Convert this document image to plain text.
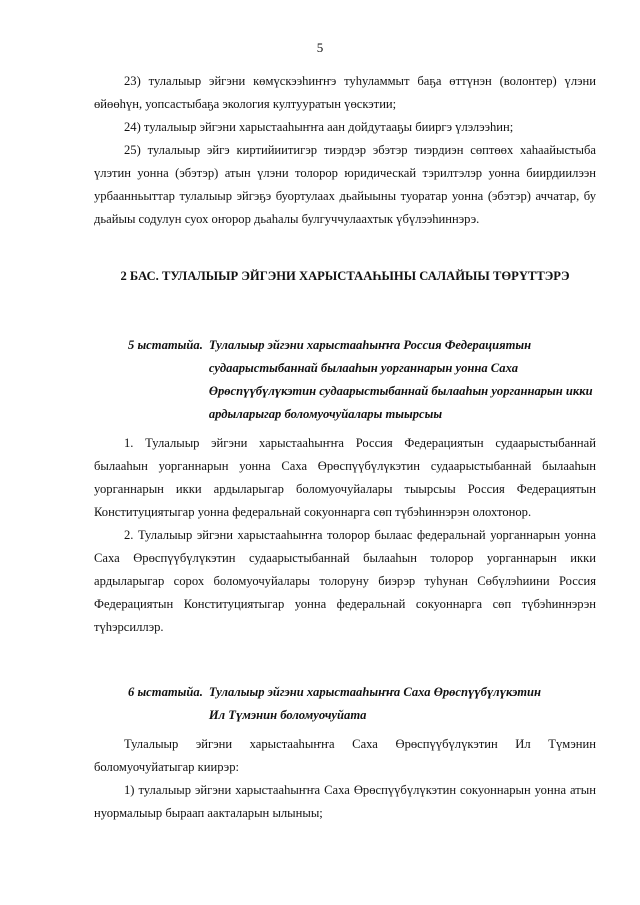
5

23) тулалыыр эйгэни көмүскээһиҥҥэ туһуламмыт баҕа өттүнэн (волонтер) үлэни өйөөһүн, уопсастыбаҕа экология култууратын үөскэтии;

24) тулалыыр эйгэни харыстааһыҥҥа аан дойдутааҕы бииргэ үлэлээһин;

25) тулалыыр эйгэ киртийиитигэр тиэрдэр эбэтэр тиэрдиэн сөптөөх хаһаайыстыба үлэтин уонна (эбэтэр) атын үлэни толорор юридическай тэрилтэлэр уонна биирдиилээн урбаанньыттар тулалыыр эйгэҕэ буортулаах дьайыыны туоратар уонна (эбэтэр) аччатар, бу дьайыы содулун суох оҥорор дьаһалы булгуччулаахтык үбүлээһиннэрэ.

2 БАС. ТУЛАЛЫЫР ЭЙГЭНИ ХАРЫСТААҺЫНЫ САЛАЙЫЫ ТӨРҮТТЭРЭ

5 ыстатыйа. Тулалыыр эйгэни харыстааһыҥҥа Россия Федерациятын
судаарыстыбаннай былааһын уорганнарын уонна Саха Өрөспүүбүлүкэтин судаарыстыбаннай былааһын уорганнарын икки ардыларыгар боломуочуйалары тыырсыы

1. Тулалыыр эйгэни харыстааһыҥҥа Россия Федерациятын судаарыстыбаннай былааһын уорганнарын уонна Саха Өрөспүүбүлүкэтин судаарыстыбаннай былааһын уорганнарын икки ардыларыгар боломуочуйалары тыырсыы Россия Федерациятын Конституциятыгар уонна федеральнай сокуоннарга сөп түбэһиннэрэн олохтонор.

2. Тулалыыр эйгэни харыстааһыҥҥа толорор былаас федеральнай уорганнарын уонна Саха Өрөспүүбүлүкэтин судаарыстыбаннай былааһын толорор уорганнарын икки ардыларыгар сорох боломуочуйалары толоруну биэрэр туһунан Сөбүлэһиини Россия Федерациятын Конституциятыгар уонна федеральнай сокуоннарга сөп түбэһиннэрэн түһэрсиллэр.

6 ыстатыйа. Тулалыыр эйгэни харыстааһыҥҥа Саха Өрөспүүбүлүкэтин
Ил Түмэнин боломуочуйата

Тулалыыр эйгэни харыстааһыҥҥа Саха Өрөспүүбүлүкэтин Ил Түмэнин боломуочуйатыгар киирэр:

1) тулалыыр эйгэни харыстааһыҥҥа Саха Өрөспүүбүлүкэтин сокуоннарын уонна атын нуормалыыр быраап аакталарын ылыныы;
